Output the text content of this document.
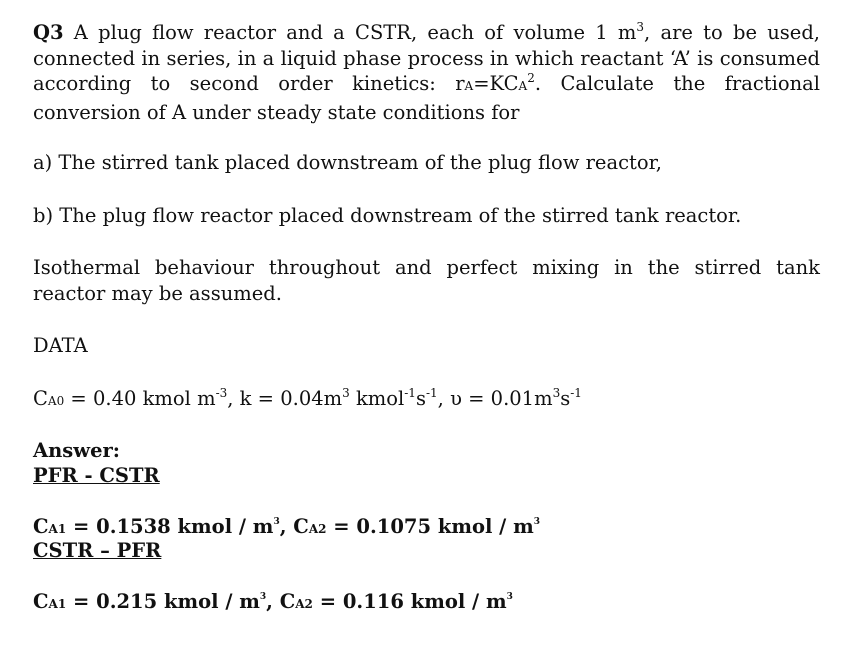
Q3 A plug flow reactor and a CSTR, each of volume 1 $m^3$, are to be used, connected in series, in a liquid phase process in which reactant ‘A’ is consumed according to second order kinetics: $rA=KCA^2$. Calculate the fractional conversion of A under steady state conditions for
a) The stirred tank placed downstream of the plug flow reactor,
b) The plug flow reactor placed downstream of the stirred tank reactor.
Isothermal behaviour throughout and perfect mixing in the stirred tank reactor may be assumed.
DATA
CA0 = 0.40 kmol $m^{-3}$, $k = 0.04m^3$ $kmol^{-1}s^{-1}$, $\upsilon = 0.01m^3s^{-1}$
Answer:
PFR - CSTR
CA1 = 0.1538 kmol / $m^3$, CA2 = 0.1075 kmol / $m^3$
CSTR – PFR
CA1 = 0.215 kmol / $m^3$, CA2 = 0.116 kmol / $m^3$
